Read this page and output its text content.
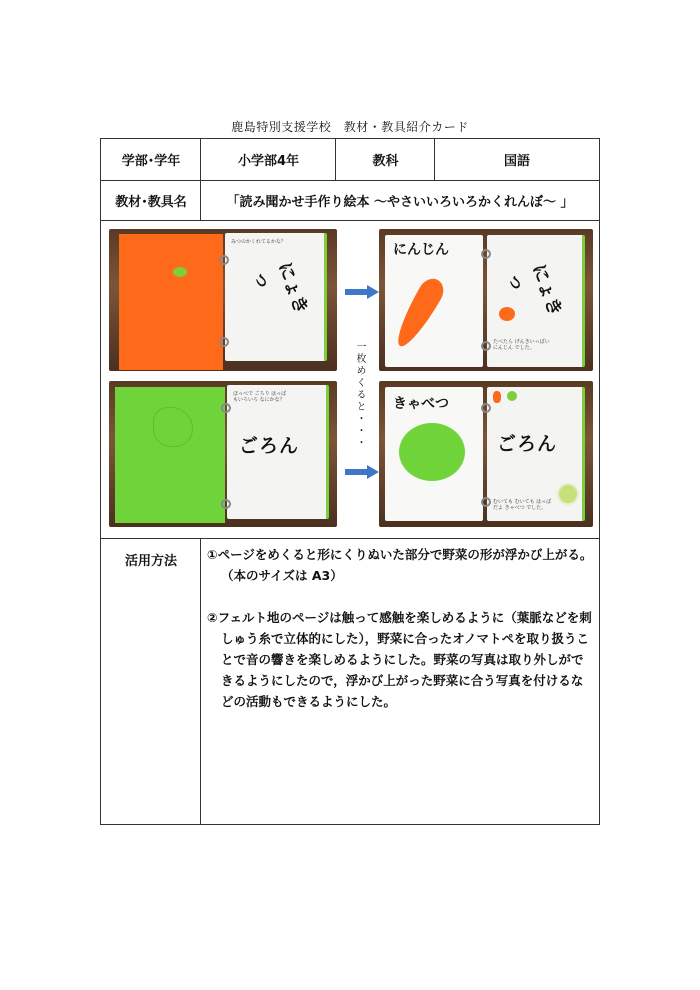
鹿島特別支援学校　教材・教具紹介カード
学部･学年	小学部4年	教科	国語
教材･教具名	「読み聞かせ手作り絵本 ～やさいいろいろかくれんぼ～ 」
みつのかくれてるかな？
にょきっ
にんじん
にょきっ
たべたら げんきいっぱい にんじん でした。
一枚めくると・・・
ほっぺで ごろり はっぱもいろいろ なにかな？
ごろん
きゃべつ
ごろん
むいても むいても はっぱだよ きゃべつ でした。
活用方法	①ページをめくると形にくりぬいた部分で野菜の形が浮かび上がる。（本のサイズは A3）
②フェルト地のページは触って感触を楽しめるように（葉脈などを刺しゅう糸で立体的にした），野菜に合ったオノマトペを取り扱うことで音の響きを楽しめるようにした。野菜の写真は取り外しができるようにしたので，浮かび上がった野菜に合う写真を付けるなどの活動もできるようにした。
